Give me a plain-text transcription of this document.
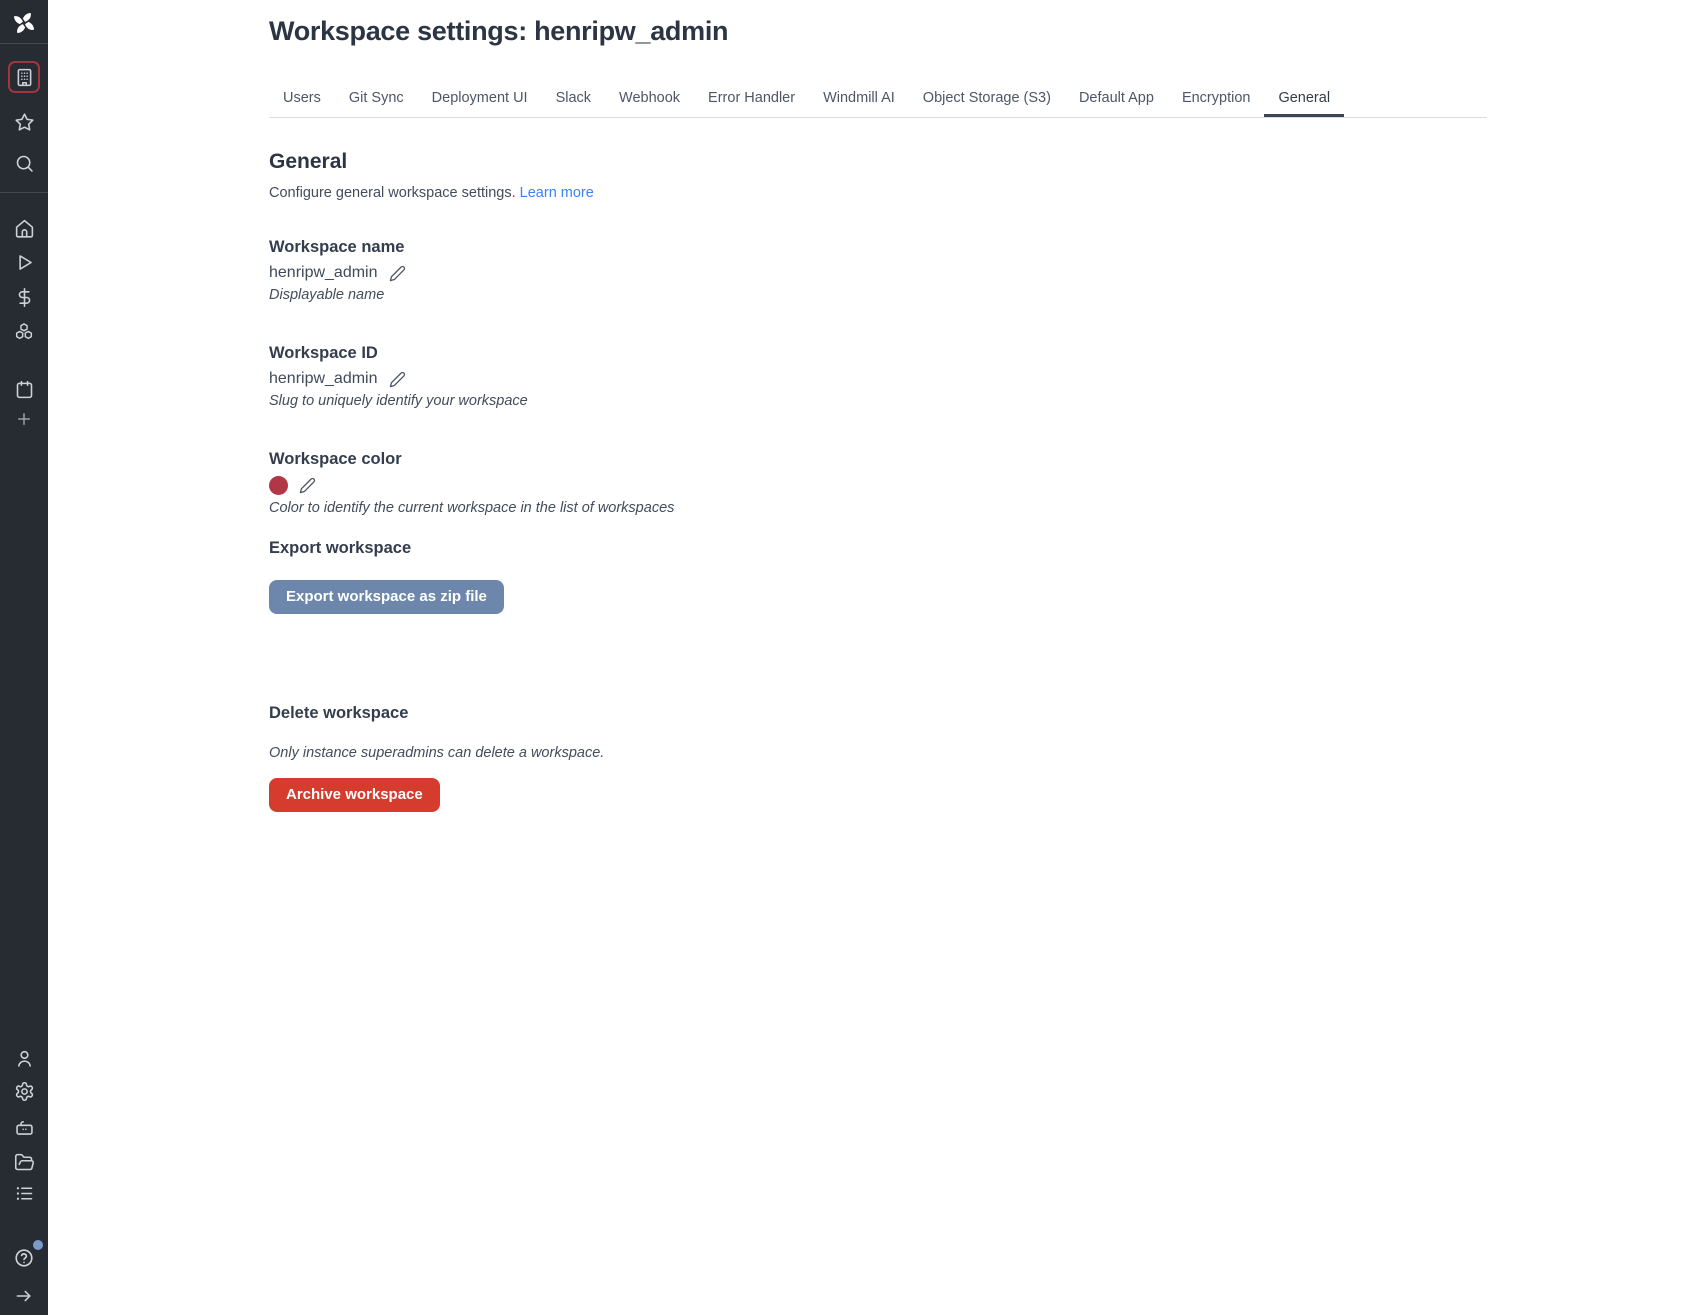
Workspace settings: henripw_admin
Users	Git Sync	Deployment UI	Slack	Webhook	Error Handler	Windmill AI	Object Storage (S3)	Default App	Encryption	General
General

Configure general workspace settings. Learn more

Workspace name
henripw_admin
Displayable name
Workspace ID
henripw_admin
Slug to uniquely identify your workspace
Workspace color
Color to identify the current workspace in the list of workspaces
Export workspace
Export workspace as zip file
Delete workspace
Only instance superadmins can delete a workspace.
Archive workspace
